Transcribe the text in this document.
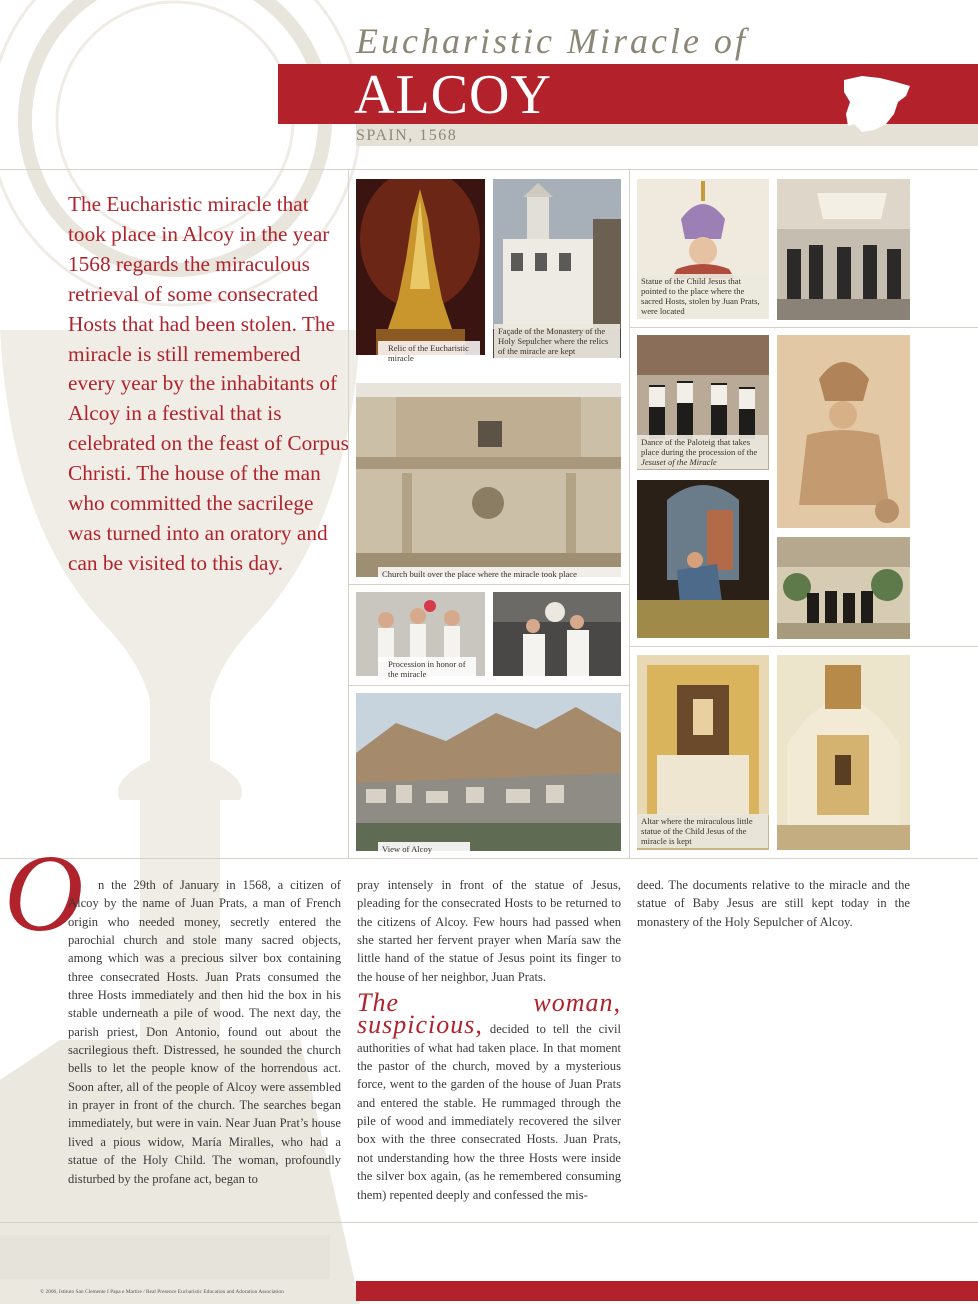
Eucharistic Miracle of
ALCOY
SPAIN, 1568
The Eucharistic miracle that took place in Alcoy in the year 1568 regards the miraculous retrieval of some consecrated Hosts that had been stolen. The miracle is still remembered every year by the inhabitants of Alcoy in a festival that is celebrated on the feast of Corpus Christi. The house of the man who committed the sacrilege was turned into an oratory and can be visited to this day.
Relic of the Eucharistic miracle
Façade of the Monastery of the Holy Sepulcher where the relics of the miracle are kept
Church built over the place where the miracle took place
Procession in honor of the miracle
View of Alcoy
Statue of the Child Jesus that pointed to the place where the sacred Hosts, stolen by Juan Prats, were located
Dance of the Paloteig that takes place during the procession of the Jesuset of the Miracle
Altar where the miraculous little statue of the Child Jesus of the miracle is kept
O	n the 29th of January in 1568, a citizen of Alcoy by the name of Juan Prats, a man of French origin who needed money, secretly entered the parochial church and stole many sacred objects, among which was a precious silver box containing three consecrated Hosts. Juan Prats consumed the three Hosts immediately and then hid the box in his stable underneath a pile of wood. The next day, the parish priest, Don Antonio, found out about the sacrilegious theft. Distressed, he sounded the church bells to let the people know of the horrendous act. Soon after, all of the people of Alcoy were assembled in prayer in front of the church. The searches began immediately, but were in vain. Near Juan Prat’s house lived a pious widow, María Miralles, who had a statue of the Holy Child. The woman, profoundly disturbed by the profane act, began to

pray intensely in front of the statue of Jesus, pleading for the consecrated Hosts to be returned to the citizens of Alcoy. Few hours had passed when she started her fervent prayer when María saw the little hand of the statue of Jesus point its finger to the house of her neighbor, Juan Prats.

The woman, suspicious, decided to tell the civil authorities of what had taken place. In that moment the pastor of the church, moved by a mysterious force, went to the garden of the house of Juan Prats and entered the stable. He rummaged through the pile of wood and immediately recovered the silver box with the three consecrated Hosts. Juan Prats, not understanding how the three Hosts were inside the silver box again, (as he remembered consuming them) repented deeply and confessed the mis-

deed. The documents relative to the miracle and the statue of Baby Jesus are still kept today in the monastery of the Holy Sepulcher of Alcoy.

© 2006, Istituto San Clemente I Papa e Martire / Real Presence Eucharistic Education and Adoration Association
